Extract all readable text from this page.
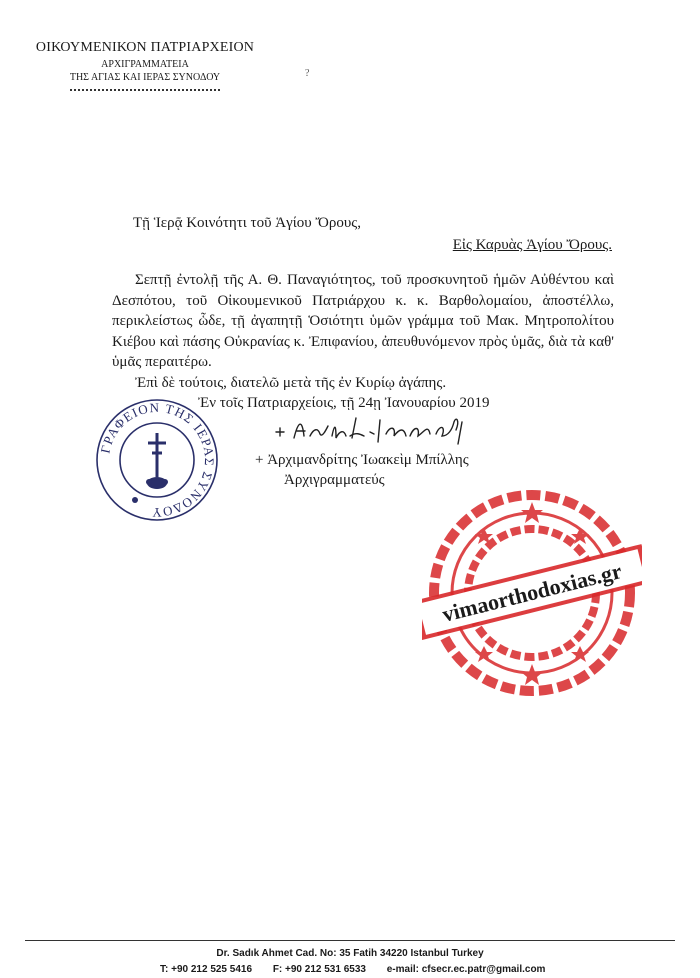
ΟΙΚΟΥΜΕΝΙΚΟΝ ΠΑΤΡΙΑΡΧΕΙΟΝ
ΑΡΧΙΓΡΑΜΜΑΤΕΙΑ
ΤΗΣ ΑΓΙΑΣ ΚΑΙ ΙΕΡΑΣ ΣΥΝΟΔΟΥ	?
Τῇ Ἱερᾷ Κοινότητι τοῦ Ἁγίου Ὄρους,
Εἰς Καρυὰς Ἁγίου Ὄρους.

Σεπτῇ ἐντολῇ τῆς Α. Θ. Παναγιότητος, τοῦ προσκυνητοῦ ἡμῶν Αὐθέντου καὶ Δεσπότου, τοῦ Οἰκουμενικοῦ Πατριάρχου κ. κ. Βαρθολομαίου, ἀποστέλλω, περικλείστως ὧδε, τῇ ἀγαπητῇ Ὁσιότητι ὑμῶν γράμμα τοῦ Μακ. Μητροπολίτου Κιέβου καὶ πάσης Οὐκρανίας κ. Ἐπιφανίου, ἀπευθυνόμενον πρὸς ὑμᾶς, διὰ τὰ καθ' ὑμᾶς περαιτέρω.

Ἐπὶ δὲ τούτοις, διατελῶ μετὰ τῆς ἐν Κυρίῳ ἀγάπης.
Ἐν τοῖς Πατριαρχείοις, τῇ 24ῃ Ἰανουαρίου 2019
+ Ἀρχιμανδρίτης Ἰωακεὶμ Μπίλλης
Ἀρχιγραμματεύς
ΓΡΑΦΕΙΟΝ ΤΗΣ ΙΕΡΑΣ ΣΥΝΟΔΟΥ
vimaorthodoxias.gr
Dr. Sadık Ahmet Cad. No: 35 Fatih 34220 Istanbul Turkey
T: +90 212 525 5416 F: +90 212 531 6533 e-mail: cfsecr.ec.patr@gmail.com
